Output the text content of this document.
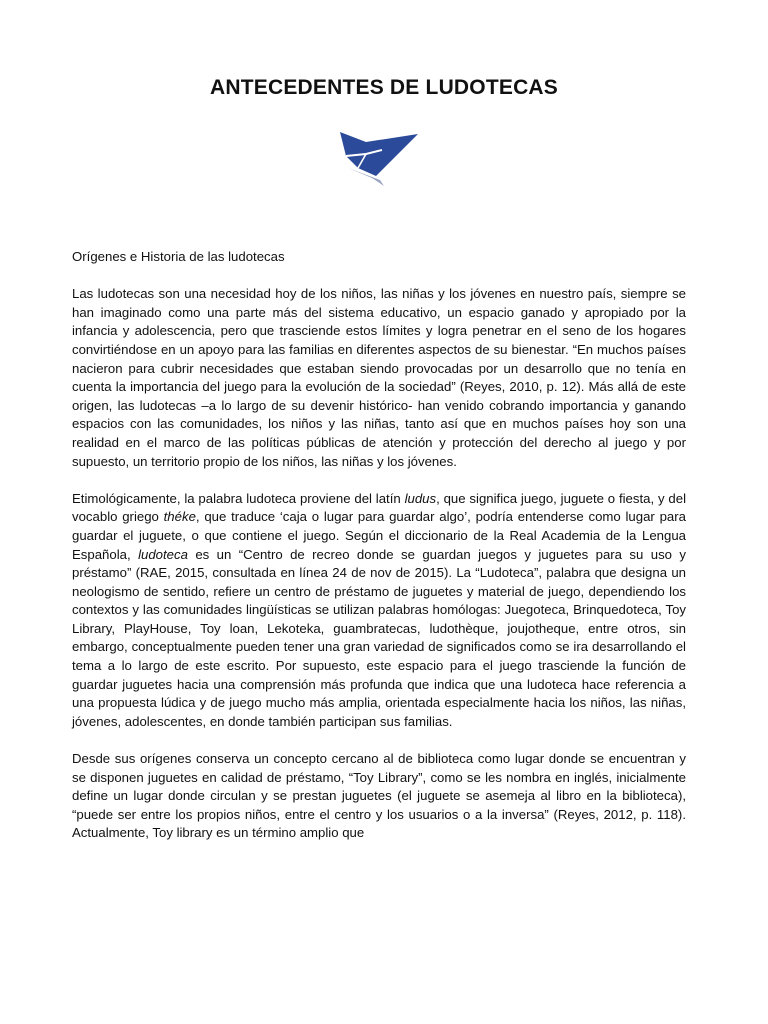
ANTECEDENTES DE LUDOTECAS

Orígenes e Historia de las ludotecas

Las ludotecas son una necesidad hoy de los niños, las niñas y los jóvenes en nuestro país, siempre se han imaginado como una parte más del sistema educativo, un espacio ganado y apropiado por la infancia y adolescencia, pero que trasciende estos límites y logra penetrar en el seno de los hogares convirtiéndose en un apoyo para las familias en diferentes aspectos de su bienestar. “En muchos países nacieron para cubrir necesidades que estaban siendo provocadas por un desarrollo que no tenía en cuenta la importancia del juego para la evolución de la sociedad” (Reyes, 2010, p. 12). Más allá de este origen, las ludotecas –a lo largo de su devenir histórico- han venido cobrando importancia y ganando espacios con las comunidades, los niños y las niñas, tanto así que en muchos países hoy son una realidad en el marco de las políticas públicas de atención y protección del derecho al juego y por supuesto, un territorio propio de los niños, las niñas y los jóvenes.

Etimológicamente, la palabra ludoteca proviene del latín ludus, que significa juego, juguete o fiesta, y del vocablo griego théke, que traduce ‘caja o lugar para guardar algo’, podría entenderse como lugar para guardar el juguete, o que contiene el juego. Según el diccionario de la Real Academia de la Lengua Española, ludoteca es un “Centro de recreo donde se guardan juegos y juguetes para su uso y préstamo” (RAE, 2015, consultada en línea 24 de nov de 2015). La “Ludoteca”, palabra que designa un neologismo de sentido, refiere un centro de préstamo de juguetes y material de juego, dependiendo los contextos y las comunidades lingüísticas se utilizan palabras homólogas: Juegoteca, Brinquedoteca, Toy Library, PlayHouse, Toy loan, Lekoteka, guambratecas, ludothèque, joujotheque, entre otros, sin embargo, conceptualmente pueden tener una gran variedad de significados como se ira desarrollando el tema a lo largo de este escrito. Por supuesto, este espacio para el juego trasciende la función de guardar juguetes hacia una comprensión más profunda que indica que una ludoteca hace referencia a una propuesta lúdica y de juego mucho más amplia, orientada especialmente hacia los niños, las niñas, jóvenes, adolescentes, en donde también participan sus familias.

Desde sus orígenes conserva un concepto cercano al de biblioteca como lugar donde se encuentran y se disponen juguetes en calidad de préstamo, “Toy Library”, como se les nombra en inglés, inicialmente define un lugar donde circulan y se prestan juguetes (el juguete se asemeja al libro en la biblioteca), “puede ser entre los propios niños, entre el centro y los usuarios o a la inversa” (Reyes, 2012, p. 118). Actualmente, Toy library es un término amplio que
